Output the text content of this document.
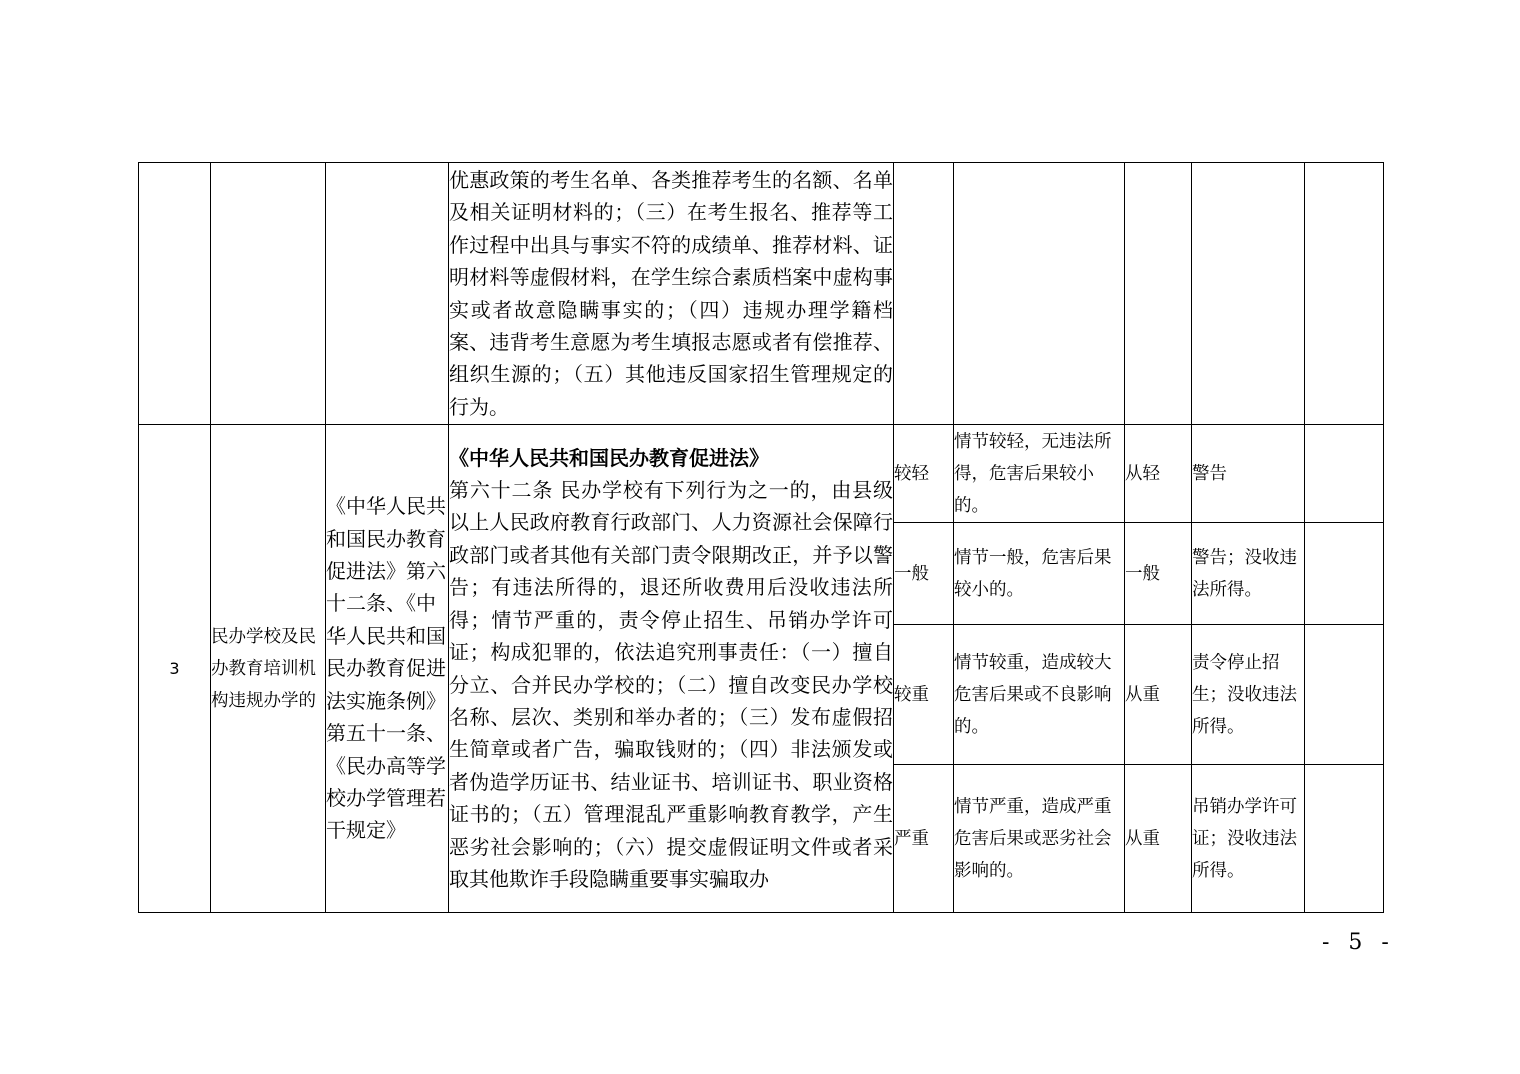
			优惠政策的考生名单、各类推荐考生的名额、名单及相关证明材料的；（三）在考生报名、推荐等工作过程中出具与事实不符的成绩单、推荐材料、证明材料等虚假材料，在学生综合素质档案中虚构事实或者故意隐瞒事实的；（四）违规办理学籍档案、违背考生意愿为考生填报志愿或者有偿推荐、组织生源的；（五）其他违反国家招生管理规定的行为。					
3	民办学校及民办教育培训机构违规办学的	《中华人民共和国民办教育促进法》第六十二条、《中华人民共和国民办教育促进法实施条例》第五十一条、《民办高等学校办学管理若干规定》	《中华人民共和国民办教育促进法》
第六十二条 民办学校有下列行为之一的，由县级以上人民政府教育行政部门、人力资源社会保障行政部门或者其他有关部门责令限期改正，并予以警告；有违法所得的，退还所收费用后没收违法所得；情节严重的，责令停止招生、吊销办学许可证；构成犯罪的，依法追究刑事责任：（一）擅自分立、合并民办学校的；（二）擅自改变民办学校名称、层次、类别和举办者的；（三）发布虚假招生简章或者广告，骗取钱财的；（四）非法颁发或者伪造学历证书、结业证书、培训证书、职业资格证书的；（五）管理混乱严重影响教育教学，产生恶劣社会影响的；（六）提交虚假证明文件或者采取其他欺诈手段隐瞒重要事实骗取办	较轻	情节较轻，无违法所得，危害后果较小的。	从轻	警告	
				一般	情节一般，危害后果较小的。	一般	警告；没收违法所得。	
				较重	情节较重，造成较大危害后果或不良影响的。	从重	责令停止招生；没收违法所得。	
				严重	情节严重，造成严重危害后果或恶劣社会影响的。	从重	吊销办学许可证；没收违法所得。	
- 5 -
